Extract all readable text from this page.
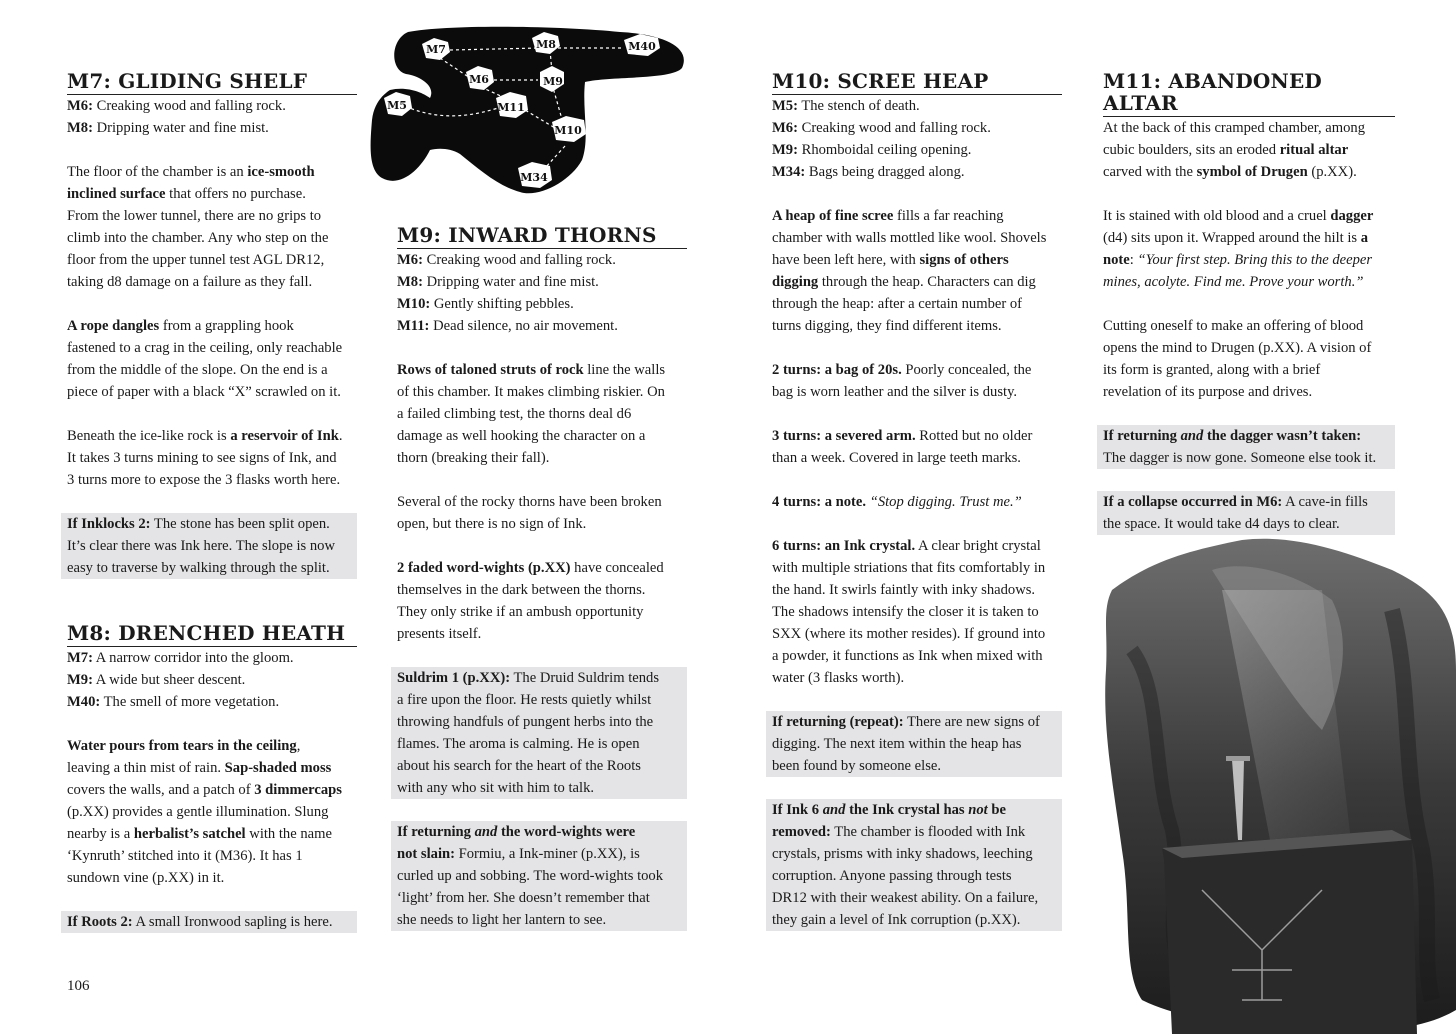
M7: GLIDING SHELF
M6: Creaking wood and falling rock.
M8: Dripping water and fine mist.
The floor of the chamber is an ice-smooth
inclined surface that offers no purchase.
From the lower tunnel, there are no grips to
climb into the chamber. Any who step on the
floor from the upper tunnel test AGL DR12,
taking d8 damage on a failure as they fall.
A rope dangles from a grappling hook
fastened to a crag in the ceiling, only reachable
from the middle of the slope. On the end is a
piece of paper with a black “X” scrawled on it.
Beneath the ice-like rock is a reservoir of Ink.
It takes 3 turns mining to see signs of Ink, and
3 turns more to expose the 3 flasks worth here.
If Inklocks 2: The stone has been split open.
It’s clear there was Ink here. The slope is now
easy to traverse by walking through the split.
M8: DRENCHED HEATH
M7: A narrow corridor into the gloom.
M9: A wide but sheer descent.
M40: The smell of more vegetation.
Water pours from tears in the ceiling,
leaving a thin mist of rain. Sap-shaded moss
covers the walls, and a patch of 3 dimmercaps
(p.XX) provides a gentle illumination. Slung
nearby is a herbalist’s satchel with the name
‘Kynruth’ stitched into it (M36). It has 1
sundown vine (p.XX) in it.
If Roots 2: A small Ironwood sapling is here.
106
M7	M8	M40
M6	M9
M5	M11
M10
M34
M9: INWARD THORNS
M6: Creaking wood and falling rock.
M8: Dripping water and fine mist.
M10: Gently shifting pebbles.
M11: Dead silence, no air movement.
Rows of taloned struts of rock line the walls
of this chamber. It makes climbing riskier. On
a failed climbing test, the thorns deal d6
damage as well hooking the character on a
thorn (breaking their fall).
Several of the rocky thorns have been broken
open, but there is no sign of Ink.
2 faded word-wights (p.XX) have concealed
themselves in the dark between the thorns.
They only strike if an ambush opportunity
presents itself.
Suldrim 1 (p.XX): The Druid Suldrim tends
a fire upon the floor. He rests quietly whilst
throwing handfuls of pungent herbs into the
flames. The aroma is calming. He is open
about his search for the heart of the Roots
with any who sit with him to talk.
If returning and the word-wights were
not slain: Formiu, a Ink-miner (p.XX), is
curled up and sobbing. The word-wights took
‘light’ from her. She doesn’t remember that
she needs to light her lantern to see.
M10: SCREE HEAP
M5: The stench of death.
M6: Creaking wood and falling rock.
M9: Rhomboidal ceiling opening.
M34: Bags being dragged along.
A heap of fine scree fills a far reaching
chamber with walls mottled like wool. Shovels
have been left here, with signs of others
digging through the heap. Characters can dig
through the heap: after a certain number of
turns digging, they find different items.
2 turns: a bag of 20s. Poorly concealed, the
bag is worn leather and the silver is dusty.
3 turns: a severed arm. Rotted but no older
than a week. Covered in large teeth marks.
4 turns: a note. “Stop digging. Trust me.”
6 turns: an Ink crystal. A clear bright crystal
with multiple striations that fits comfortably in
the hand. It swirls faintly with inky shadows.
The shadows intensify the closer it is taken to
SXX (where its mother resides). If ground into
a powder, it functions as Ink when mixed with
water (3 flasks worth).
If returning (repeat): There are new signs of
digging. The next item within the heap has
been found by someone else.
If Ink 6 and the Ink crystal has not be
removed: The chamber is flooded with Ink
crystals, prisms with inky shadows, leeching
corruption. Anyone passing through tests
DR12 with their weakest ability. On a failure,
they gain a level of Ink corruption (p.XX).
M11: ABANDONED ALTAR
At the back of this cramped chamber, among
cubic boulders, sits an eroded ritual altar
carved with the symbol of Drugen (p.XX).
It is stained with old blood and a cruel dagger
(d4) sits upon it. Wrapped around the hilt is a
note: “Your first step. Bring this to the deeper
mines, acolyte. Find me. Prove your worth.”
Cutting oneself to make an offering of blood
opens the mind to Drugen (p.XX). A vision of
its form is granted, along with a brief
revelation of its purpose and drives.
If returning and the dagger wasn’t taken:
The dagger is now gone. Someone else took it.
If a collapse occurred in M6: A cave-in fills
the space. It would take d4 days to clear.
